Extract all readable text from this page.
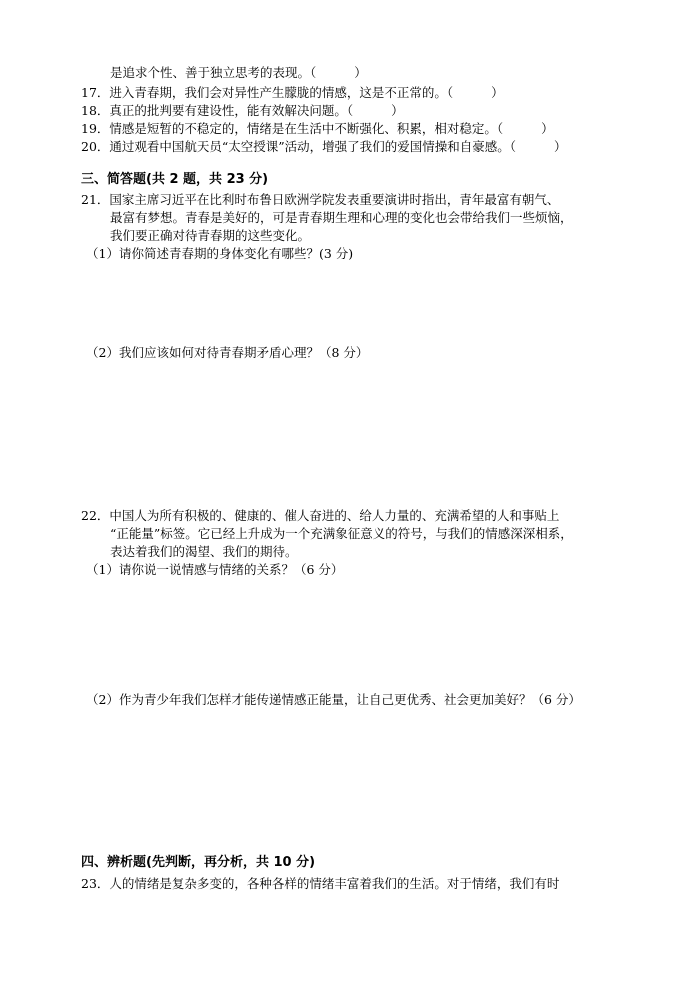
是追求个性、善于独立思考的表现。（	）

17．进入青春期，我们会对异性产生朦胧的情感，这是不正常的。（	）

18．真正的批判要有建设性，能有效解决问题。（	）

19．情感是短暂的不稳定的，情绪是在生活中不断强化、积累，相对稳定。（	）

20．通过观看中国航天员“太空授课”活动，增强了我们的爱国情操和自豪感。（	）

三、简答题(共 2 题，共 23 分)

21．国家主席习近平在比利时布鲁日欧洲学院发表重要演讲时指出，青年最富有朝气、

最富有梦想。青春是美好的，可是青春期生理和心理的变化也会带给我们一些烦恼，

我们要正确对待青春期的这些变化。

（1）请你简述青春期的身体变化有哪些？(3 分)

（2）我们应该如何对待青春期矛盾心理？（8 分）

22．中国人为所有积极的、健康的、催人奋进的、给人力量的、充满希望的人和事贴上

“正能量”标签。它已经上升成为一个充满象征意义的符号，与我们的情感深深相系，

表达着我们的渴望、我们的期待。

（1）请你说一说情感与情绪的关系？（6 分）

（2）作为青少年我们怎样才能传递情感正能量，让自己更优秀、社会更加美好？（6 分）

四、辨析题(先判断，再分析，共 10 分)

23．人的情绪是复杂多变的，各种各样的情绪丰富着我们的生活。对于情绪，我们有时
